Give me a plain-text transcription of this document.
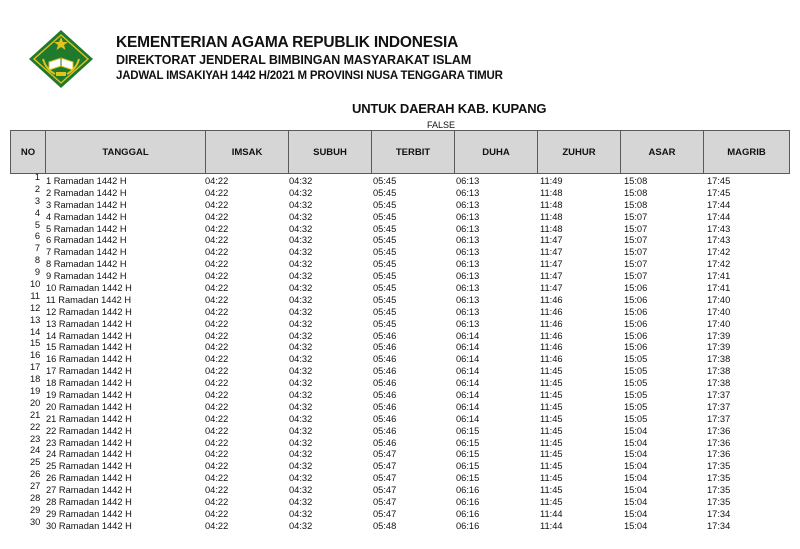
KEMENTERIAN AGAMA REPUBLIK INDONESIA
DIREKTORAT JENDERAL BIMBINGAN MASYARAKAT ISLAM
JADWAL IMSAKIYAH 1442 H/2021 M PROVINSI NUSA TENGGARA TIMUR
UNTUK DAERAH KAB. KUPANG
FALSE
NO	TANGGAL	IMSAK	SUBUH	TERBIT	DUHA	ZUHUR	ASAR	MAGRIB
1 1 Ramadan 1442 H	04:22	04:32	05:45	06:13	11:49	15:08	17:45
2 2 Ramadan 1442 H	04:22	04:32	05:45	06:13	11:48	15:08	17:45
3 3 Ramadan 1442 H	04:22	04:32	05:45	06:13	11:48	15:08	17:44
4 4 Ramadan 1442 H	04:22	04:32	05:45	06:13	11:48	15:07	17:44
5 5 Ramadan 1442 H	04:22	04:32	05:45	06:13	11:48	15:07	17:43
6 6 Ramadan 1442 H	04:22	04:32	05:45	06:13	11:47	15:07	17:43
7 7 Ramadan 1442 H	04:22	04:32	05:45	06:13	11:47	15:07	17:42
8 8 Ramadan 1442 H	04:22	04:32	05:45	06:13	11:47	15:07	17:42
9 9 Ramadan 1442 H	04:22	04:32	05:45	06:13	11:47	15:07	17:41
10 10 Ramadan 1442 H	04:22	04:32	05:45	06:13	11:47	15:06	17:41
11 11 Ramadan 1442 H	04:22	04:32	05:45	06:13	11:46	15:06	17:40
12 12 Ramadan 1442 H	04:22	04:32	05:45	06:13	11:46	15:06	17:40
13 13 Ramadan 1442 H	04:22	04:32	05:45	06:13	11:46	15:06	17:40
14 14 Ramadan 1442 H	04:22	04:32	05:46	06:14	11:46	15:06	17:39
15 15 Ramadan 1442 H	04:22	04:32	05:46	06:14	11:46	15:06	17:39
16 16 Ramadan 1442 H	04:22	04:32	05:46	06:14	11:46	15:05	17:38
17 17 Ramadan 1442 H	04:22	04:32	05:46	06:14	11:45	15:05	17:38
18 18 Ramadan 1442 H	04:22	04:32	05:46	06:14	11:45	15:05	17:38
19 19 Ramadan 1442 H	04:22	04:32	05:46	06:14	11:45	15:05	17:37
20 20 Ramadan 1442 H	04:22	04:32	05:46	06:14	11:45	15:05	17:37
21 21 Ramadan 1442 H	04:22	04:32	05:46	06:14	11:45	15:05	17:37
22 22 Ramadan 1442 H	04:22	04:32	05:46	06:15	11:45	15:04	17:36
23 23 Ramadan 1442 H	04:22	04:32	05:46	06:15	11:45	15:04	17:36
24 24 Ramadan 1442 H	04:22	04:32	05:47	06:15	11:45	15:04	17:36
25 25 Ramadan 1442 H	04:22	04:32	05:47	06:15	11:45	15:04	17:35
26 26 Ramadan 1442 H	04:22	04:32	05:47	06:15	11:45	15:04	17:35
27 27 Ramadan 1442 H	04:22	04:32	05:47	06:16	11:45	15:04	17:35
28 28 Ramadan 1442 H	04:22	04:32	05:47	06:16	11:45	15:04	17:35
29 29 Ramadan 1442 H	04:22	04:32	05:47	06:16	11:44	15:04	17:34
30 30 Ramadan 1442 H	04:22	04:32	05:48	06:16	11:44	15:04	17:34
